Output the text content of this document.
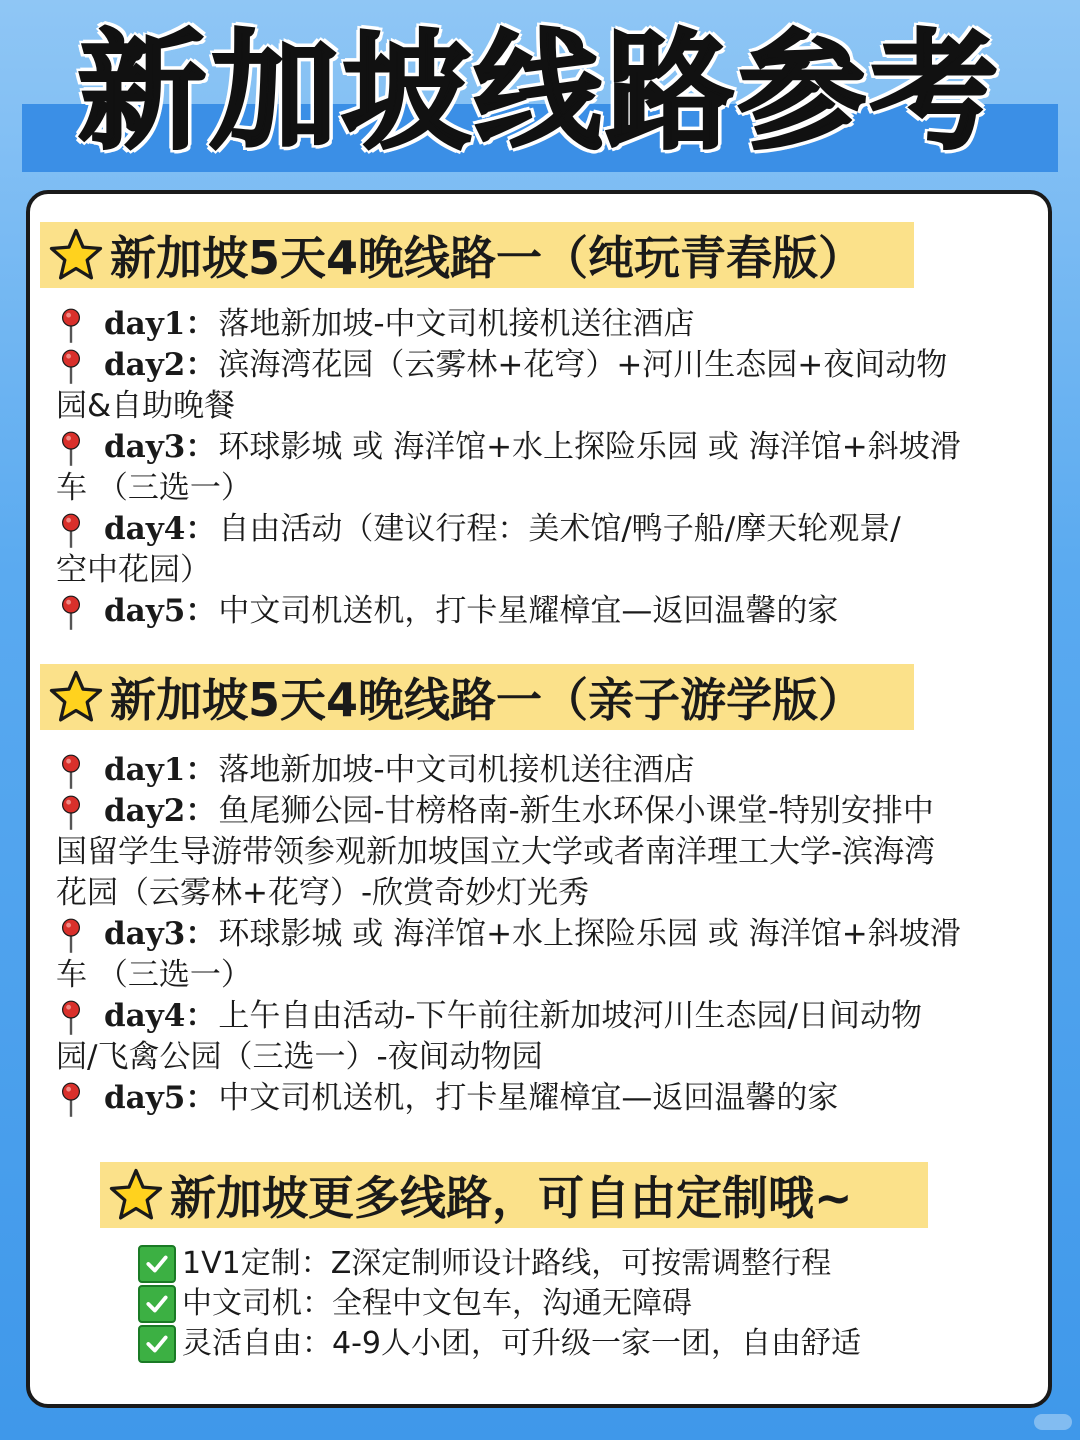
新加坡线路参考
新加坡5天4晚线路一（纯玩青春版）
day1：落地新加坡-中文司机接机送往酒店
day2：滨海湾花园（云雾林+花穹）+河川生态园+夜间动物
园&自助晚餐
day3：环球影城 或 海洋馆+水上探险乐园 或 海洋馆+斜坡滑
车 （三选一）
day4：自由活动（建议行程：美术馆/鸭子船/摩天轮观景/
空中花园）
day5：中文司机送机，打卡星耀樟宜—返回温馨的家
新加坡5天4晚线路一（亲子游学版）
day1：落地新加坡-中文司机接机送往酒店
day2：鱼尾狮公园-甘榜格南-新生水环保小课堂-特别安排中
国留学生导游带领参观新加坡国立大学或者南洋理工大学-滨海湾
花园（云雾林+花穹）-欣赏奇妙灯光秀
day3：环球影城 或 海洋馆+水上探险乐园 或 海洋馆+斜坡滑
车 （三选一）
day4：上午自由活动-下午前往新加坡河川生态园/日间动物
园/飞禽公园（三选一）-夜间动物园
day5：中文司机送机，打卡星耀樟宜—返回温馨的家
新加坡更多线路，可自由定制哦~
1V1定制：Z深定制师设计路线，可按需调整行程
中文司机：全程中文包车，沟通无障碍
灵活自由：4-9人小团，可升级一家一团，自由舒适
